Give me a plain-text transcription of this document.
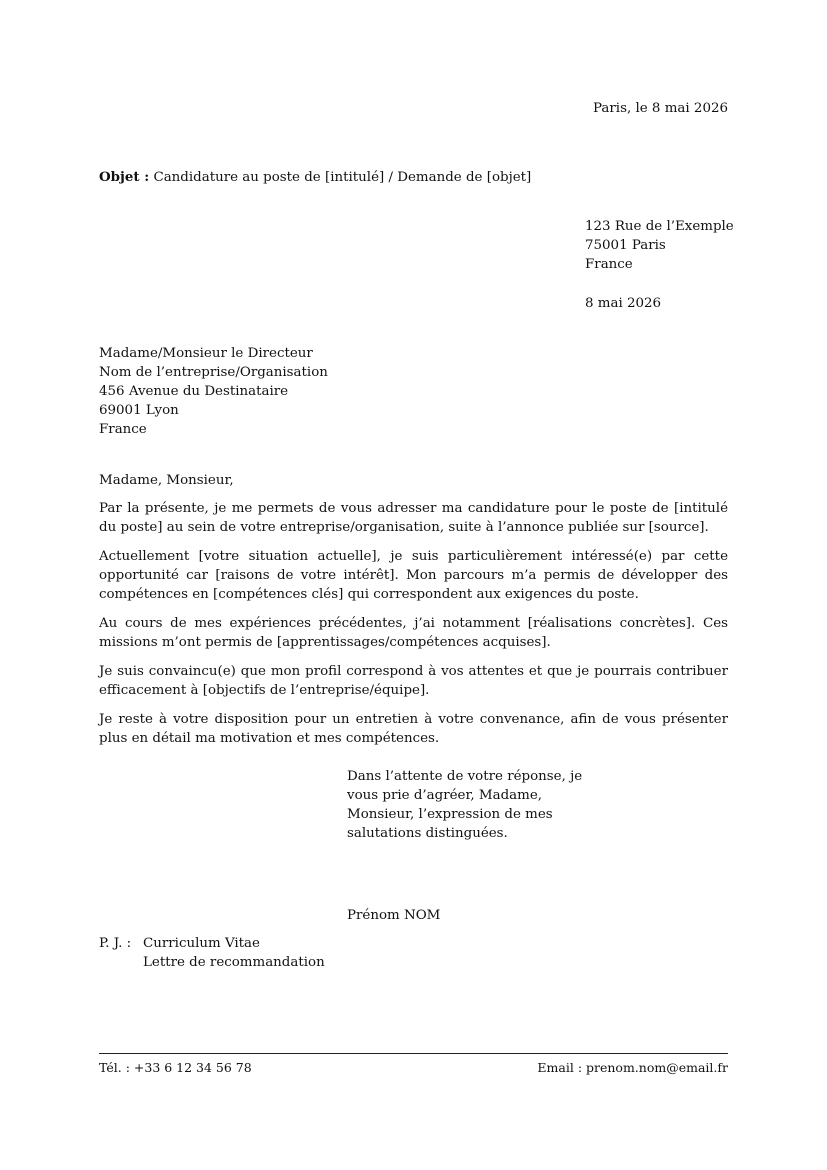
Paris, le 8 mai 2026
Objet : Candidature au poste de [intitulé] / Demande de [objet]
123 Rue de l’Exemple
75001 Paris
France
8 mai 2026
Madame/Monsieur le Directeur
Nom de l’entreprise/Organisation
456 Avenue du Destinataire
69001 Lyon
France
Madame, Monsieur,

Par la présente, je me permets de vous adresser ma candidature pour le poste de [intitulé du poste] au sein de votre entreprise/organisation, suite à l’annonce publiée sur [source].

Actuellement [votre situation actuelle], je suis particulièrement intéressé(e) par cette opportunité car [raisons de votre intérêt]. Mon parcours m’a permis de développer des compétences en [compétences clés] qui correspondent aux exigences du poste.

Au cours de mes expériences précédentes, j’ai notamment [réalisations concrètes]. Ces missions m’ont permis de [apprentissages/compétences acquises].

Je suis convaincu(e) que mon profil correspond à vos attentes et que je pourrais contribuer efficacement à [objectifs de l’entreprise/équipe].

Je reste à votre disposition pour un entretien à votre convenance, afin de vous présenter plus en détail ma motivation et mes compétences.

Dans l’attente de votre réponse, je vous prie d’agréer, Madame, Monsieur, l’expression de mes salutations distinguées.
Prénom NOM
P. J. : Curriculum Vitae
Lettre de recommandation
Tél. : +33 6 12 34 56 78	Email : prenom.nom@email.fr
